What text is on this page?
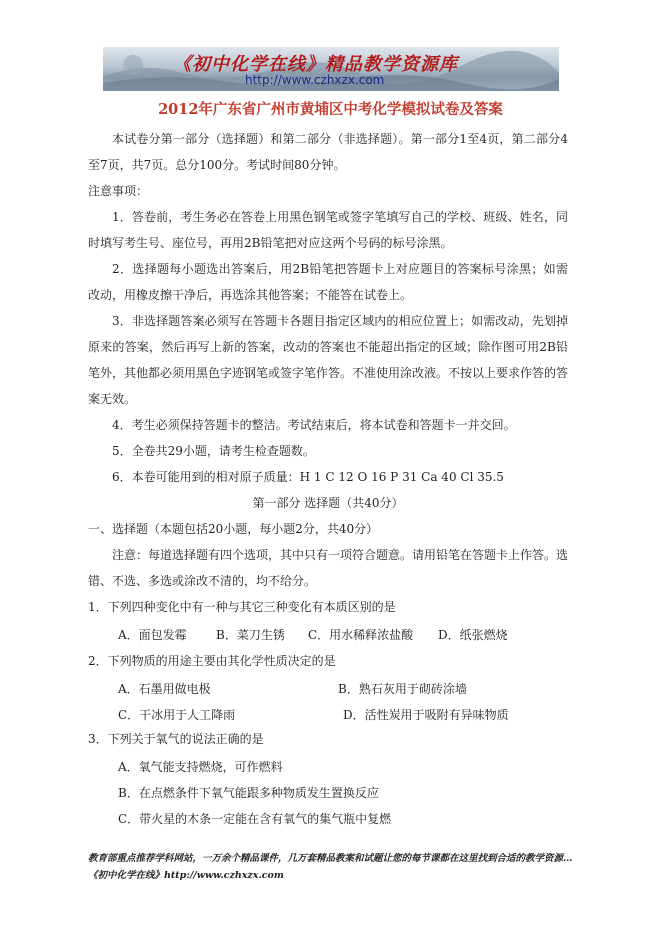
《初中化学在线》精品教学资源库
http://www.czhxzx.com
2012年广东省广州市黄埔区中考化学模拟试卷及答案
本试卷分第一部分（选择题）和第二部分（非选择题）。第一部分1至4页，第二部分4至7页，共7页。总分100分。考试时间80分钟。
注意事项：
1．答卷前，考生务必在答卷上用黑色钢笔或签字笔填写自己的学校、班级、姓名，同时填写考生号、座位号，再用2B铅笔把对应这两个号码的标号涂黑。
2．选择题每小题选出答案后，用2B铅笔把答题卡上对应题目的答案标号涂黑；如需改动，用橡皮擦干净后，再选涂其他答案；不能答在试卷上。
3．非选择题答案必须写在答题卡各题目指定区域内的相应位置上；如需改动，先划掉原来的答案，然后再写上新的答案，改动的答案也不能超出指定的区域；除作图可用2B铅笔外，其他都必须用黑色字迹钢笔或签字笔作答。不准使用涂改液。不按以上要求作答的答案无效。
4．考生必须保持答题卡的整洁。考试结束后，将本试卷和答题卡一并交回。
5．全卷共29小题，请考生检查题数。
6．本卷可能用到的相对原子质量：H 1 C 12 O 16 P 31 Ca 40 Cl 35.5
第一部分 选择题（共40分）
一、选择题（本题包括20小题，每小题2分，共40分）
注意：每道选择题有四个选项，其中只有一项符合题意。请用铅笔在答题卡上作答。选错、不选、多选或涂改不清的，均不给分。
1．下列四种变化中有一种与其它三种变化有本质区别的是
A．面包发霉 B．菜刀生锈 C．用水稀释浓盐酸 D．纸张燃烧
2．下列物质的用途主要由其化学性质决定的是
A．石墨用做电极	B．熟石灰用于砌砖涂墙
C．干冰用于人工降雨	D．活性炭用于吸附有异味物质
3．下列关于氧气的说法正确的是
A．氧气能支持燃烧，可作燃料
B．在点燃条件下氧气能跟多种物质发生置换反应
C．带火星的木条一定能在含有氧气的集气瓶中复燃
教育部重点推荐学科网站，一万余个精品课件，几万套精品教案和试题让您的每节课都在这里找到合适的教学资源…《初中化学在线》http://www.czhxzx.com
